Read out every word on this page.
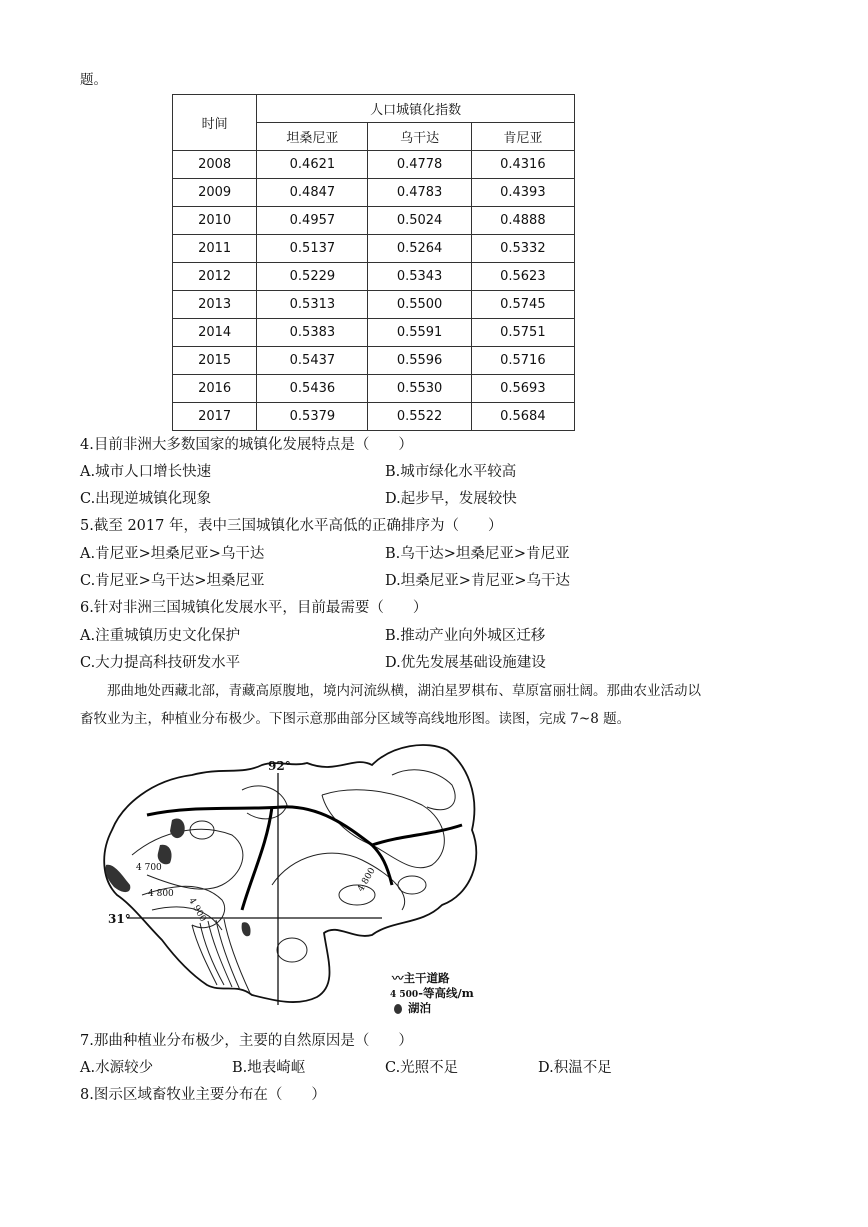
题。
时间	人口城镇化指数		
	坦桑尼亚	乌干达	肯尼亚
2008	0.4621	0.4778	0.4316
2009	0.4847	0.4783	0.4393
2010	0.4957	0.5024	0.4888
2011	0.5137	0.5264	0.5332
2012	0.5229	0.5343	0.5623
2013	0.5313	0.5500	0.5745
2014	0.5383	0.5591	0.5751
2015	0.5437	0.5596	0.5716
2016	0.5436	0.5530	0.5693
2017	0.5379	0.5522	0.5684
4.目前非洲大多数国家的城镇化发展特点是（　　）
A.城市人口增长快速	B.城市绿化水平较高
C.出现逆城镇化现象	D.起步早，发展较快
5.截至 2017 年，表中三国城镇化水平高低的正确排序为（　　）
A.肯尼亚>坦桑尼亚>乌干达	B.乌干达>坦桑尼亚>肯尼亚
C.肯尼亚>乌干达>坦桑尼亚	D.坦桑尼亚>肯尼亚>乌干达
6.针对非洲三国城镇化发展水平，目前最需要（　　）
A.注重城镇历史文化保护	B.推动产业向外城区迁移
C.大力提高科技研发水平	D.优先发展基础设施建设
那曲地处西藏北部，青藏高原腹地，境内河流纵横，湖泊星罗棋布、草原富丽壮阔。那曲农业活动以
畜牧业为主，种植业分布极少。下图示意那曲部分区域等高线地形图。读图，完成 7~8 题。
92°
31°
4 700
4 800
4 900
4 800
〰主干道路
4 500-等高线/m
湖泊
7.那曲种植业分布极少，主要的自然原因是（　　）
A.水源较少	B.地表崎岖	C.光照不足	D.积温不足
8.图示区域畜牧业主要分布在（　　）
